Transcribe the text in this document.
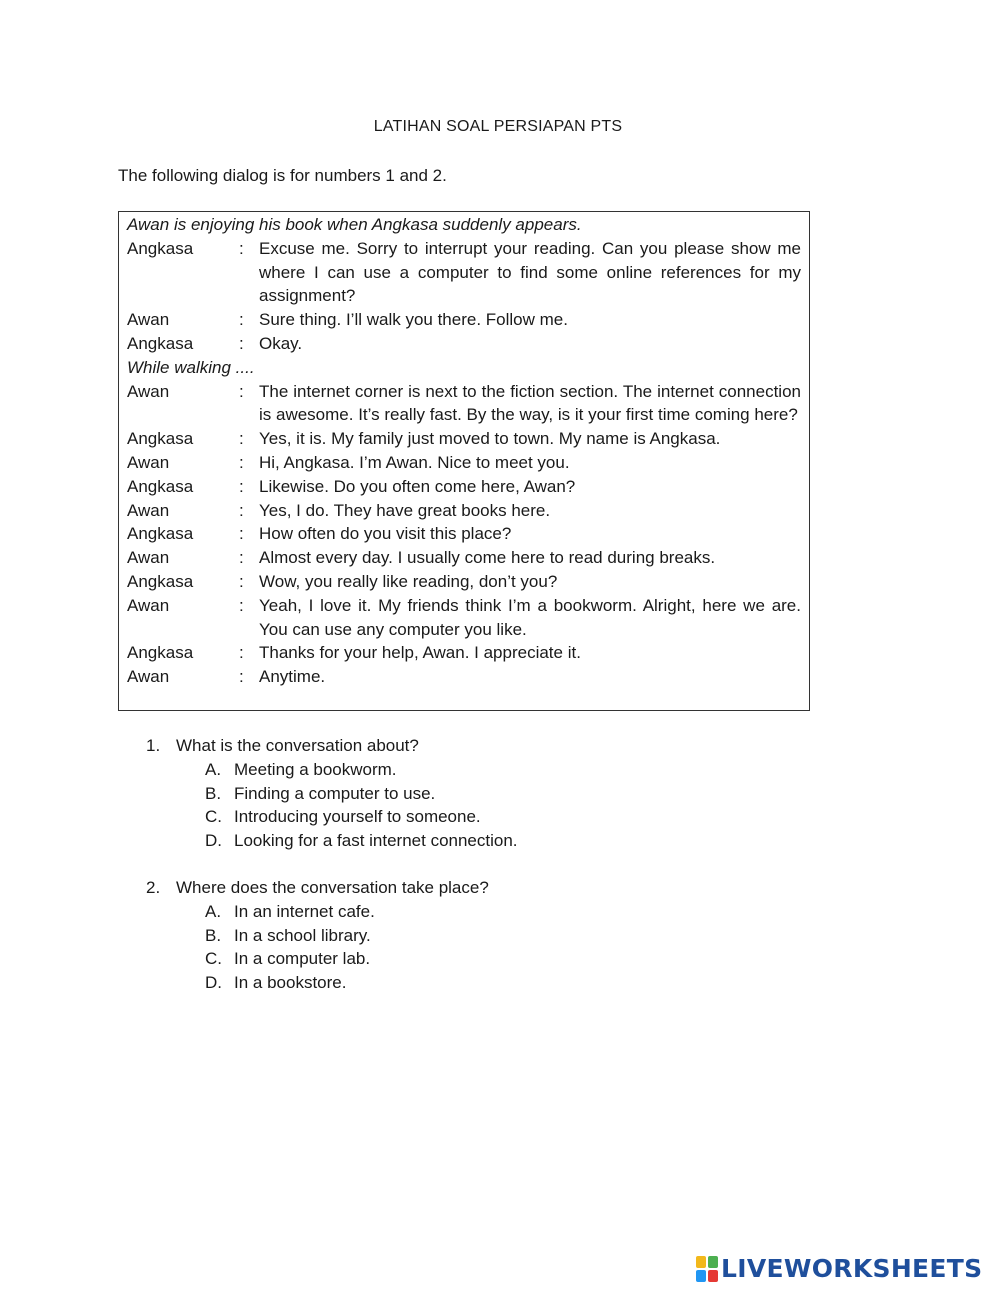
LATIHAN SOAL PERSIAPAN PTS
The following dialog is for numbers 1 and 2.
Awan is enjoying his book when Angkasa suddenly appears.
Angkasa	: Excuse me. Sorry to interrupt your reading. Can you please show me where I can use a computer to find some online references for my assignment?
Awan	: Sure thing. I’ll walk you there. Follow me.
Angkasa	: Okay.
While walking ....
Awan	: The internet corner is next to the fiction section. The internet connection is awesome. It’s really fast. By the way, is it your first time coming here?
Angkasa	: Yes, it is. My family just moved to town. My name is Angkasa.
Awan	: Hi, Angkasa. I’m Awan. Nice to meet you.
Angkasa	: Likewise. Do you often come here, Awan?
Awan	: Yes, I do. They have great books here.
Angkasa	: How often do you visit this place?
Awan	: Almost every day. I usually come here to read during breaks.
Angkasa	: Wow, you really like reading, don’t you?
Awan	: Yeah, I love it. My friends think I’m a bookworm. Alright, here we are. You can use any computer you like.
Angkasa	: Thanks for your help, Awan. I appreciate it.
Awan	: Anytime.
1. What is the conversation about?
A. Meeting a bookworm.
B. Finding a computer to use.
C. Introducing yourself to someone.
D. Looking for a fast internet connection.
2. Where does the conversation take place?
A. In an internet cafe.
B. In a school library.
C. In a computer lab.
D. In a bookstore.
LIVEWORKSHEETS
